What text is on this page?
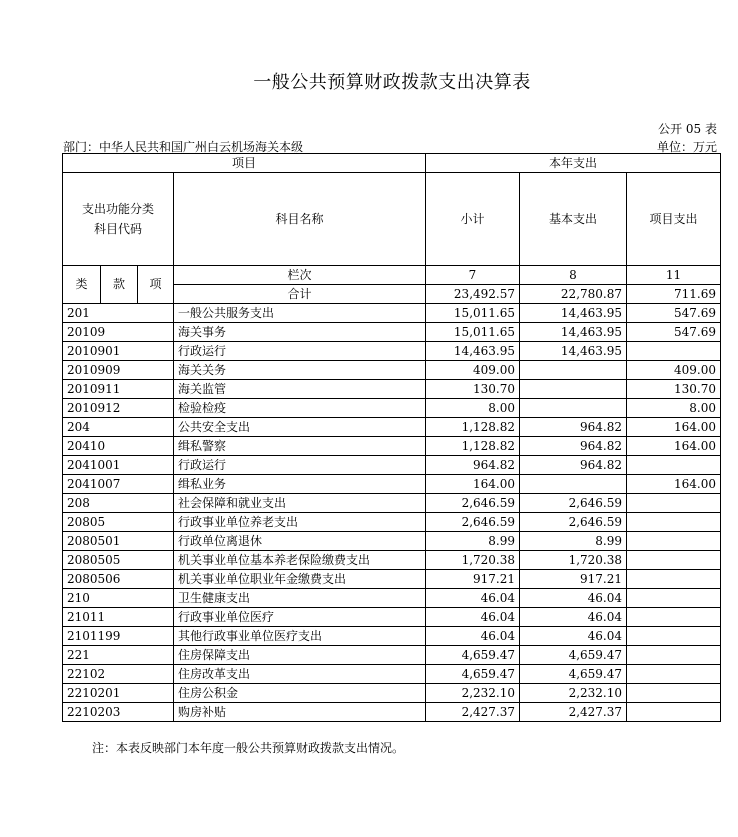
一般公共预算财政拨款支出决算表
公开 05 表
部门：中华人民共和国广州白云机场海关本级	单位：万元
项目				本年支出		
支出功能分类
科目代码			科目名称	小计	基本支出	项目支出
类	款	项	栏次	7	8	11
			合计	23,492.57	22,780.87	711.69
201			一般公共服务支出	15,011.65	14,463.95	547.69
20109			海关事务	15,011.65	14,463.95	547.69
2010901			行政运行	14,463.95	14,463.95	
2010909			海关关务	409.00		409.00
2010911			海关监管	130.70		130.70
2010912			检验检疫	8.00		8.00
204			公共安全支出	1,128.82	964.82	164.00
20410			缉私警察	1,128.82	964.82	164.00
2041001			行政运行	964.82	964.82	
2041007			缉私业务	164.00		164.00
208			社会保障和就业支出	2,646.59	2,646.59	
20805			行政事业单位养老支出	2,646.59	2,646.59	
2080501			行政单位离退休	8.99	8.99	
2080505			机关事业单位基本养老保险缴费支出	1,720.38	1,720.38	
2080506			机关事业单位职业年金缴费支出	917.21	917.21	
210			卫生健康支出	46.04	46.04	
21011			行政事业单位医疗	46.04	46.04	
2101199			其他行政事业单位医疗支出	46.04	46.04	
221			住房保障支出	4,659.47	4,659.47	
22102			住房改革支出	4,659.47	4,659.47	
2210201			住房公积金	2,232.10	2,232.10	
2210203			购房补贴	2,427.37	2,427.37	
注：本表反映部门本年度一般公共预算财政拨款支出情况。
